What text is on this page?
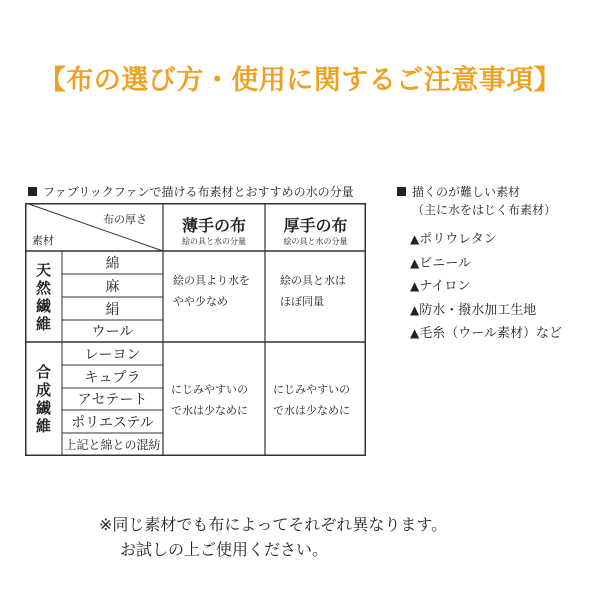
【布の選び方・使用に関するご注意事項】
ファブリックファンで描ける布素材とおすすめの水の分量	描くのが難しい素材
（主に水をはじく布素材）
布の厚さ
素材
薄手の布
絵の具と水の分量
厚手の布
絵の具と水の分量
天
然
繊
維
綿
麻
絹
ウール
絵の具より水を
やや少なめ
絵の具と水は
ほぼ同量
合
成
繊
維
レーヨン
キュプラ
アセテート
ポリエステル
上記と綿との混紡
にじみやすいの
で水は少なめに
にじみやすいの
で水は少なめに
▲ポリウレタン
▲ビニール
▲ナイロン
▲防水・撥水加工生地
▲毛糸（ウール素材）など
※同じ素材でも布によってそれぞれ異なります。
お試しの上ご使用ください。
